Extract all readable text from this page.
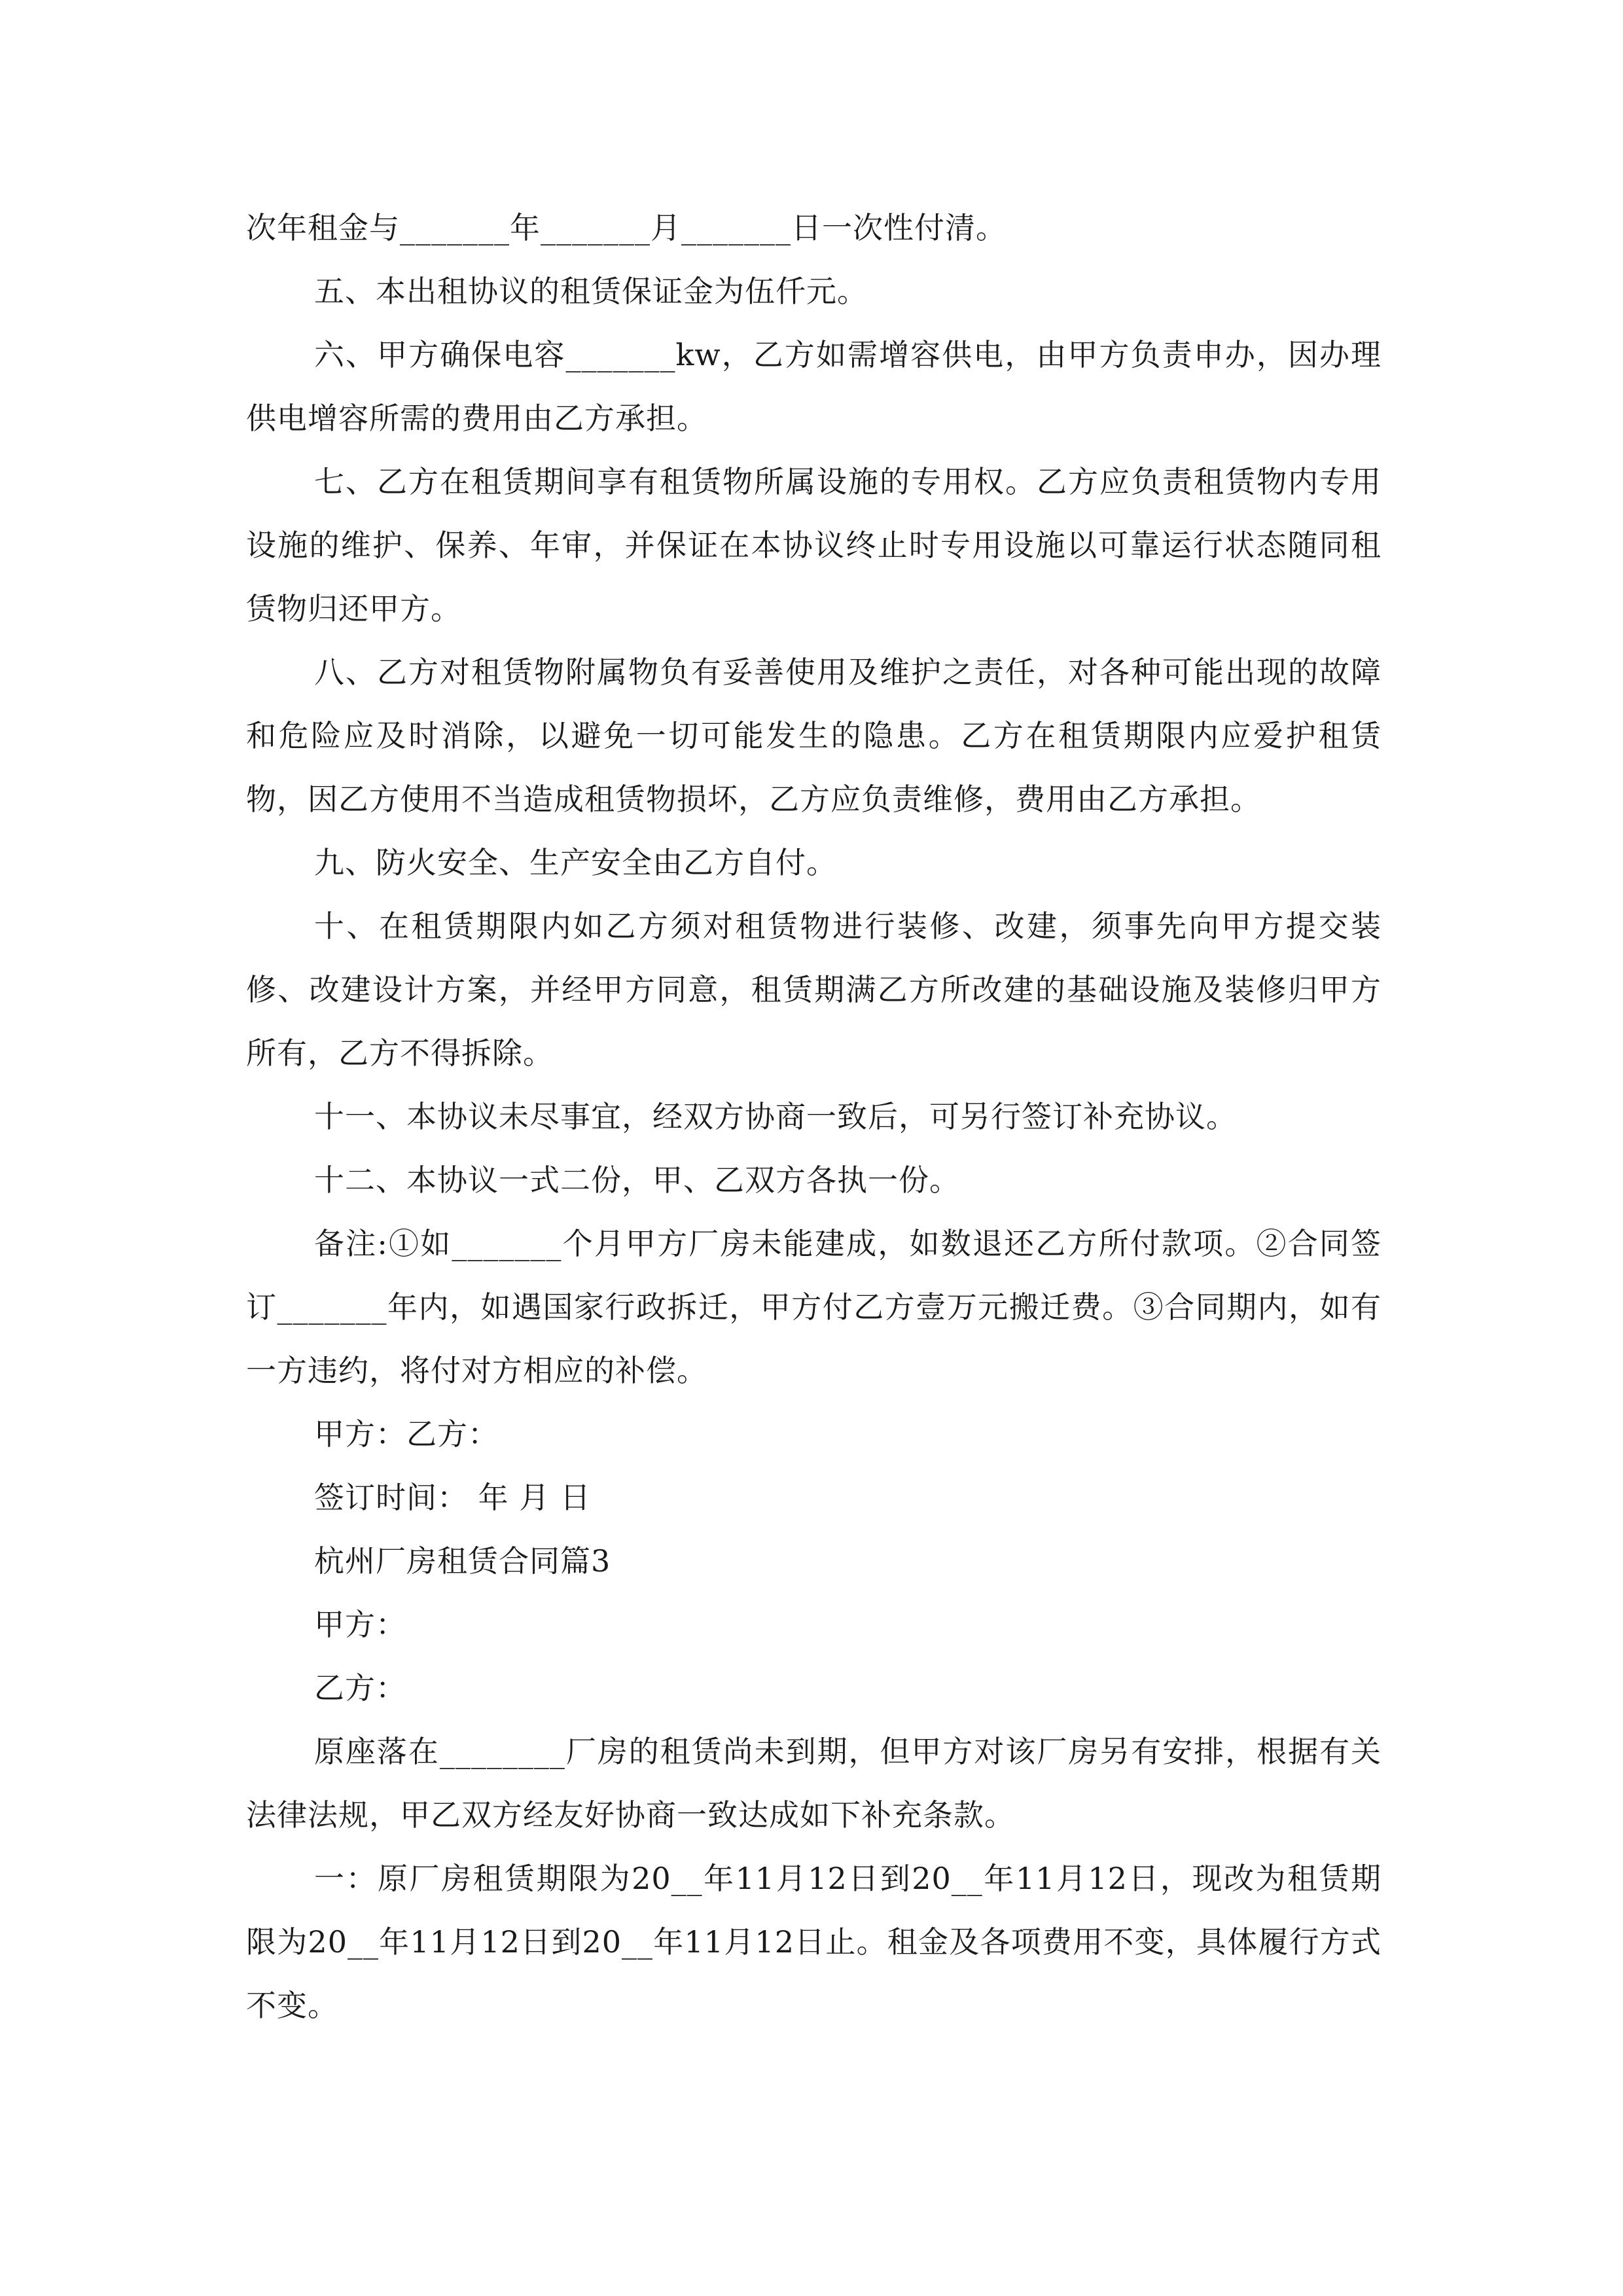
次年租金与_______年_______月_______日一次性付清。

五、本出租协议的租赁保证金为伍仟元。

六、甲方确保电容_______kw，乙方如需增容供电，由甲方负责申办，因办理供电增容所需的费用由乙方承担。

七、乙方在租赁期间享有租赁物所属设施的专用权。乙方应负责租赁物内专用设施的维护、保养、年审，并保证在本协议终止时专用设施以可靠运行状态随同租赁物归还甲方。

八、乙方对租赁物附属物负有妥善使用及维护之责任，对各种可能出现的故障和危险应及时消除，以避免一切可能发生的隐患。乙方在租赁期限内应爱护租赁物，因乙方使用不当造成租赁物损坏，乙方应负责维修，费用由乙方承担。

九、防火安全、生产安全由乙方自付。

十、在租赁期限内如乙方须对租赁物进行装修、改建，须事先向甲方提交装修、改建设计方案，并经甲方同意，租赁期满乙方所改建的基础设施及装修归甲方所有，乙方不得拆除。

十一、本协议未尽事宜，经双方协商一致后，可另行签订补充协议。

十二、本协议一式二份，甲、乙双方各执一份。

备注:①如_______个月甲方厂房未能建成，如数退还乙方所付款项。②合同签订_______年内，如遇国家行政拆迁，甲方付乙方壹万元搬迁费。③合同期内，如有一方违约，将付对方相应的补偿。

甲方：乙方：

签订时间： 年 月 日

杭州厂房租赁合同篇3

甲方：

乙方：

原座落在________厂房的租赁尚未到期，但甲方对该厂房另有安排，根据有关法律法规，甲乙双方经友好协商一致达成如下补充条款。

一：原厂房租赁期限为20__年11月12日到20__年11月12日，现改为租赁期限为20__年11月12日到20__年11月12日止。租金及各项费用不变，具体履行方式不变。
